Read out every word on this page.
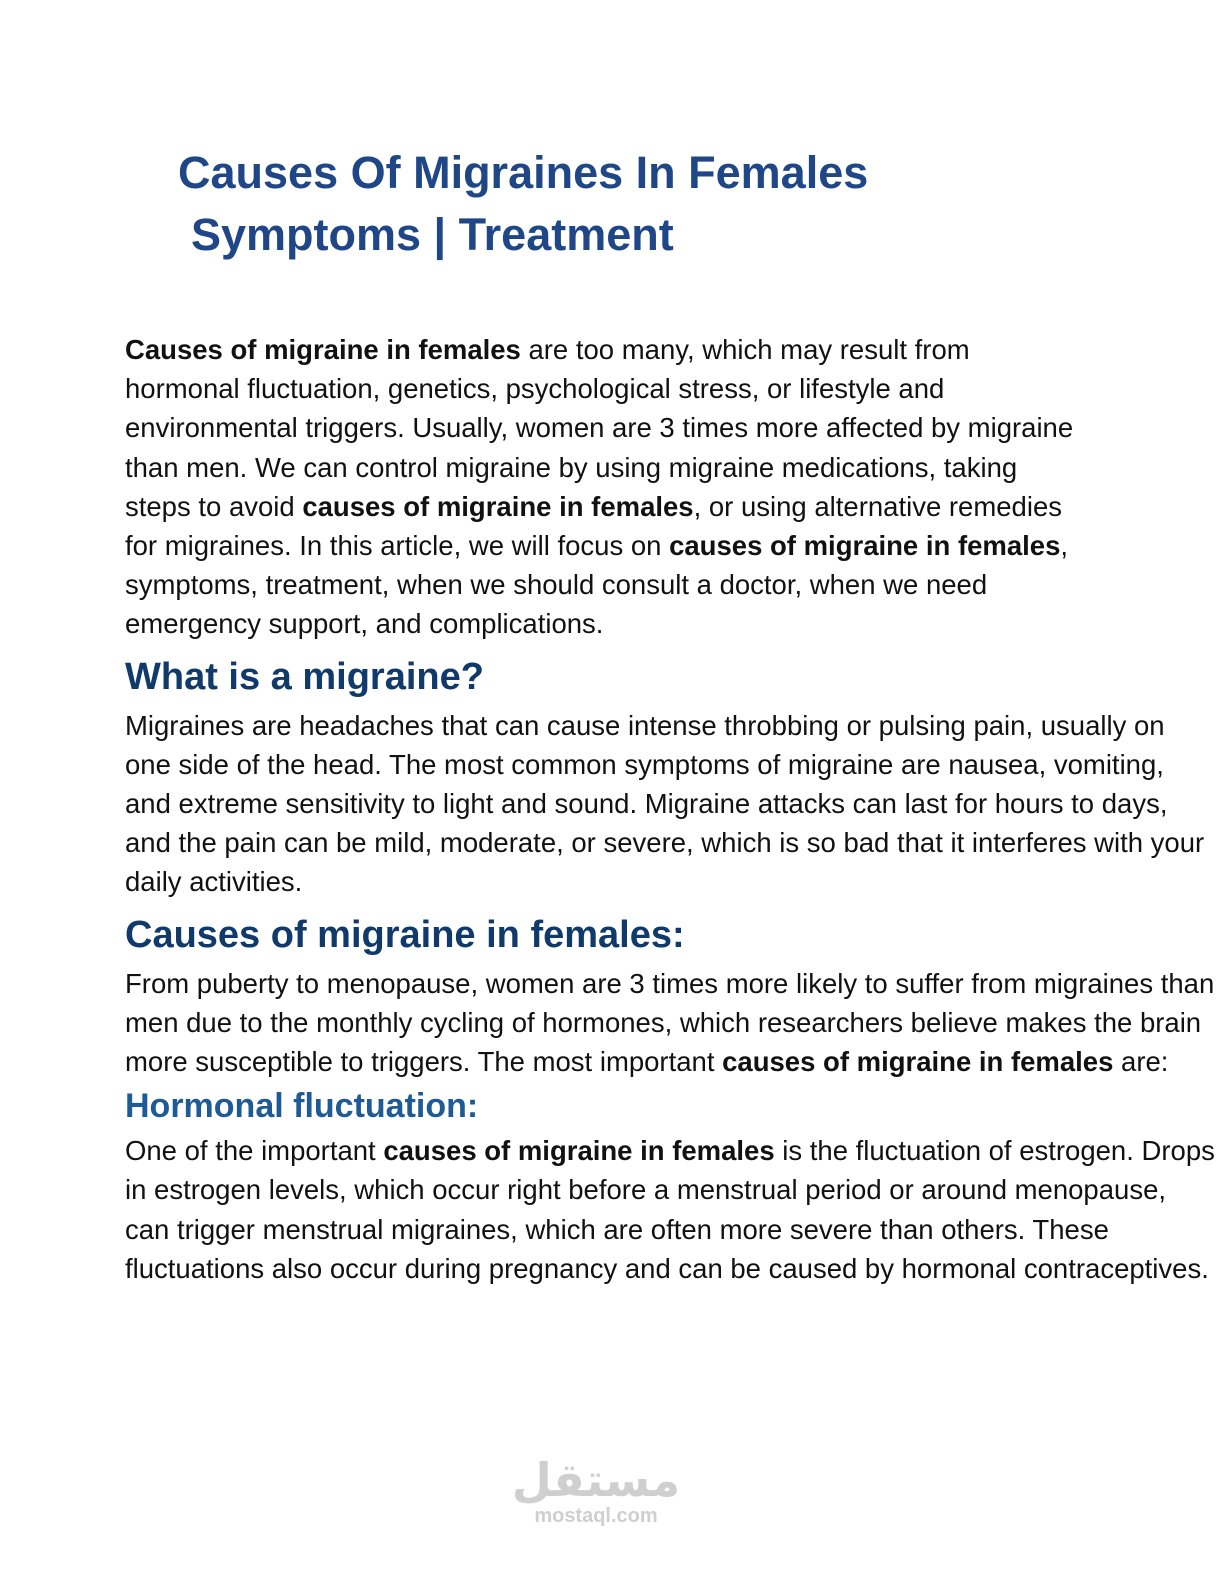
Causes Of Migraines In Females
Symptoms | Treatment

Causes of migraine in females are too many, which may result from hormonal fluctuation, genetics, psychological stress, or lifestyle and environmental triggers. Usually, women are 3 times more affected by migraine than men. We can control migraine by using migraine medications, taking steps to avoid causes of migraine in females, or using alternative remedies for migraines. In this article, we will focus on causes of migraine in females, symptoms, treatment, when we should consult a doctor, when we need emergency support, and complications.

What is a migraine?

Migraines are headaches that can cause intense throbbing or pulsing pain, usually on one side of the head. The most common symptoms of migraine are nausea, vomiting, and extreme sensitivity to light and sound. Migraine attacks can last for hours to days, and the pain can be mild, moderate, or severe, which is so bad that it interferes with your daily activities.

Causes of migraine in females:

From puberty to menopause, women are 3 times more likely to suffer from migraines than men due to the monthly cycling of hormones, which researchers believe makes the brain more susceptible to triggers. The most important causes of migraine in females are:

Hormonal fluctuation:

One of the important causes of migraine in females is the fluctuation of estrogen. Drops in estrogen levels, which occur right before a menstrual period or around menopause, can trigger menstrual migraines, which are often more severe than others. These fluctuations also occur during pregnancy and can be caused by hormonal contraceptives.

مستقل
mostaql.com
